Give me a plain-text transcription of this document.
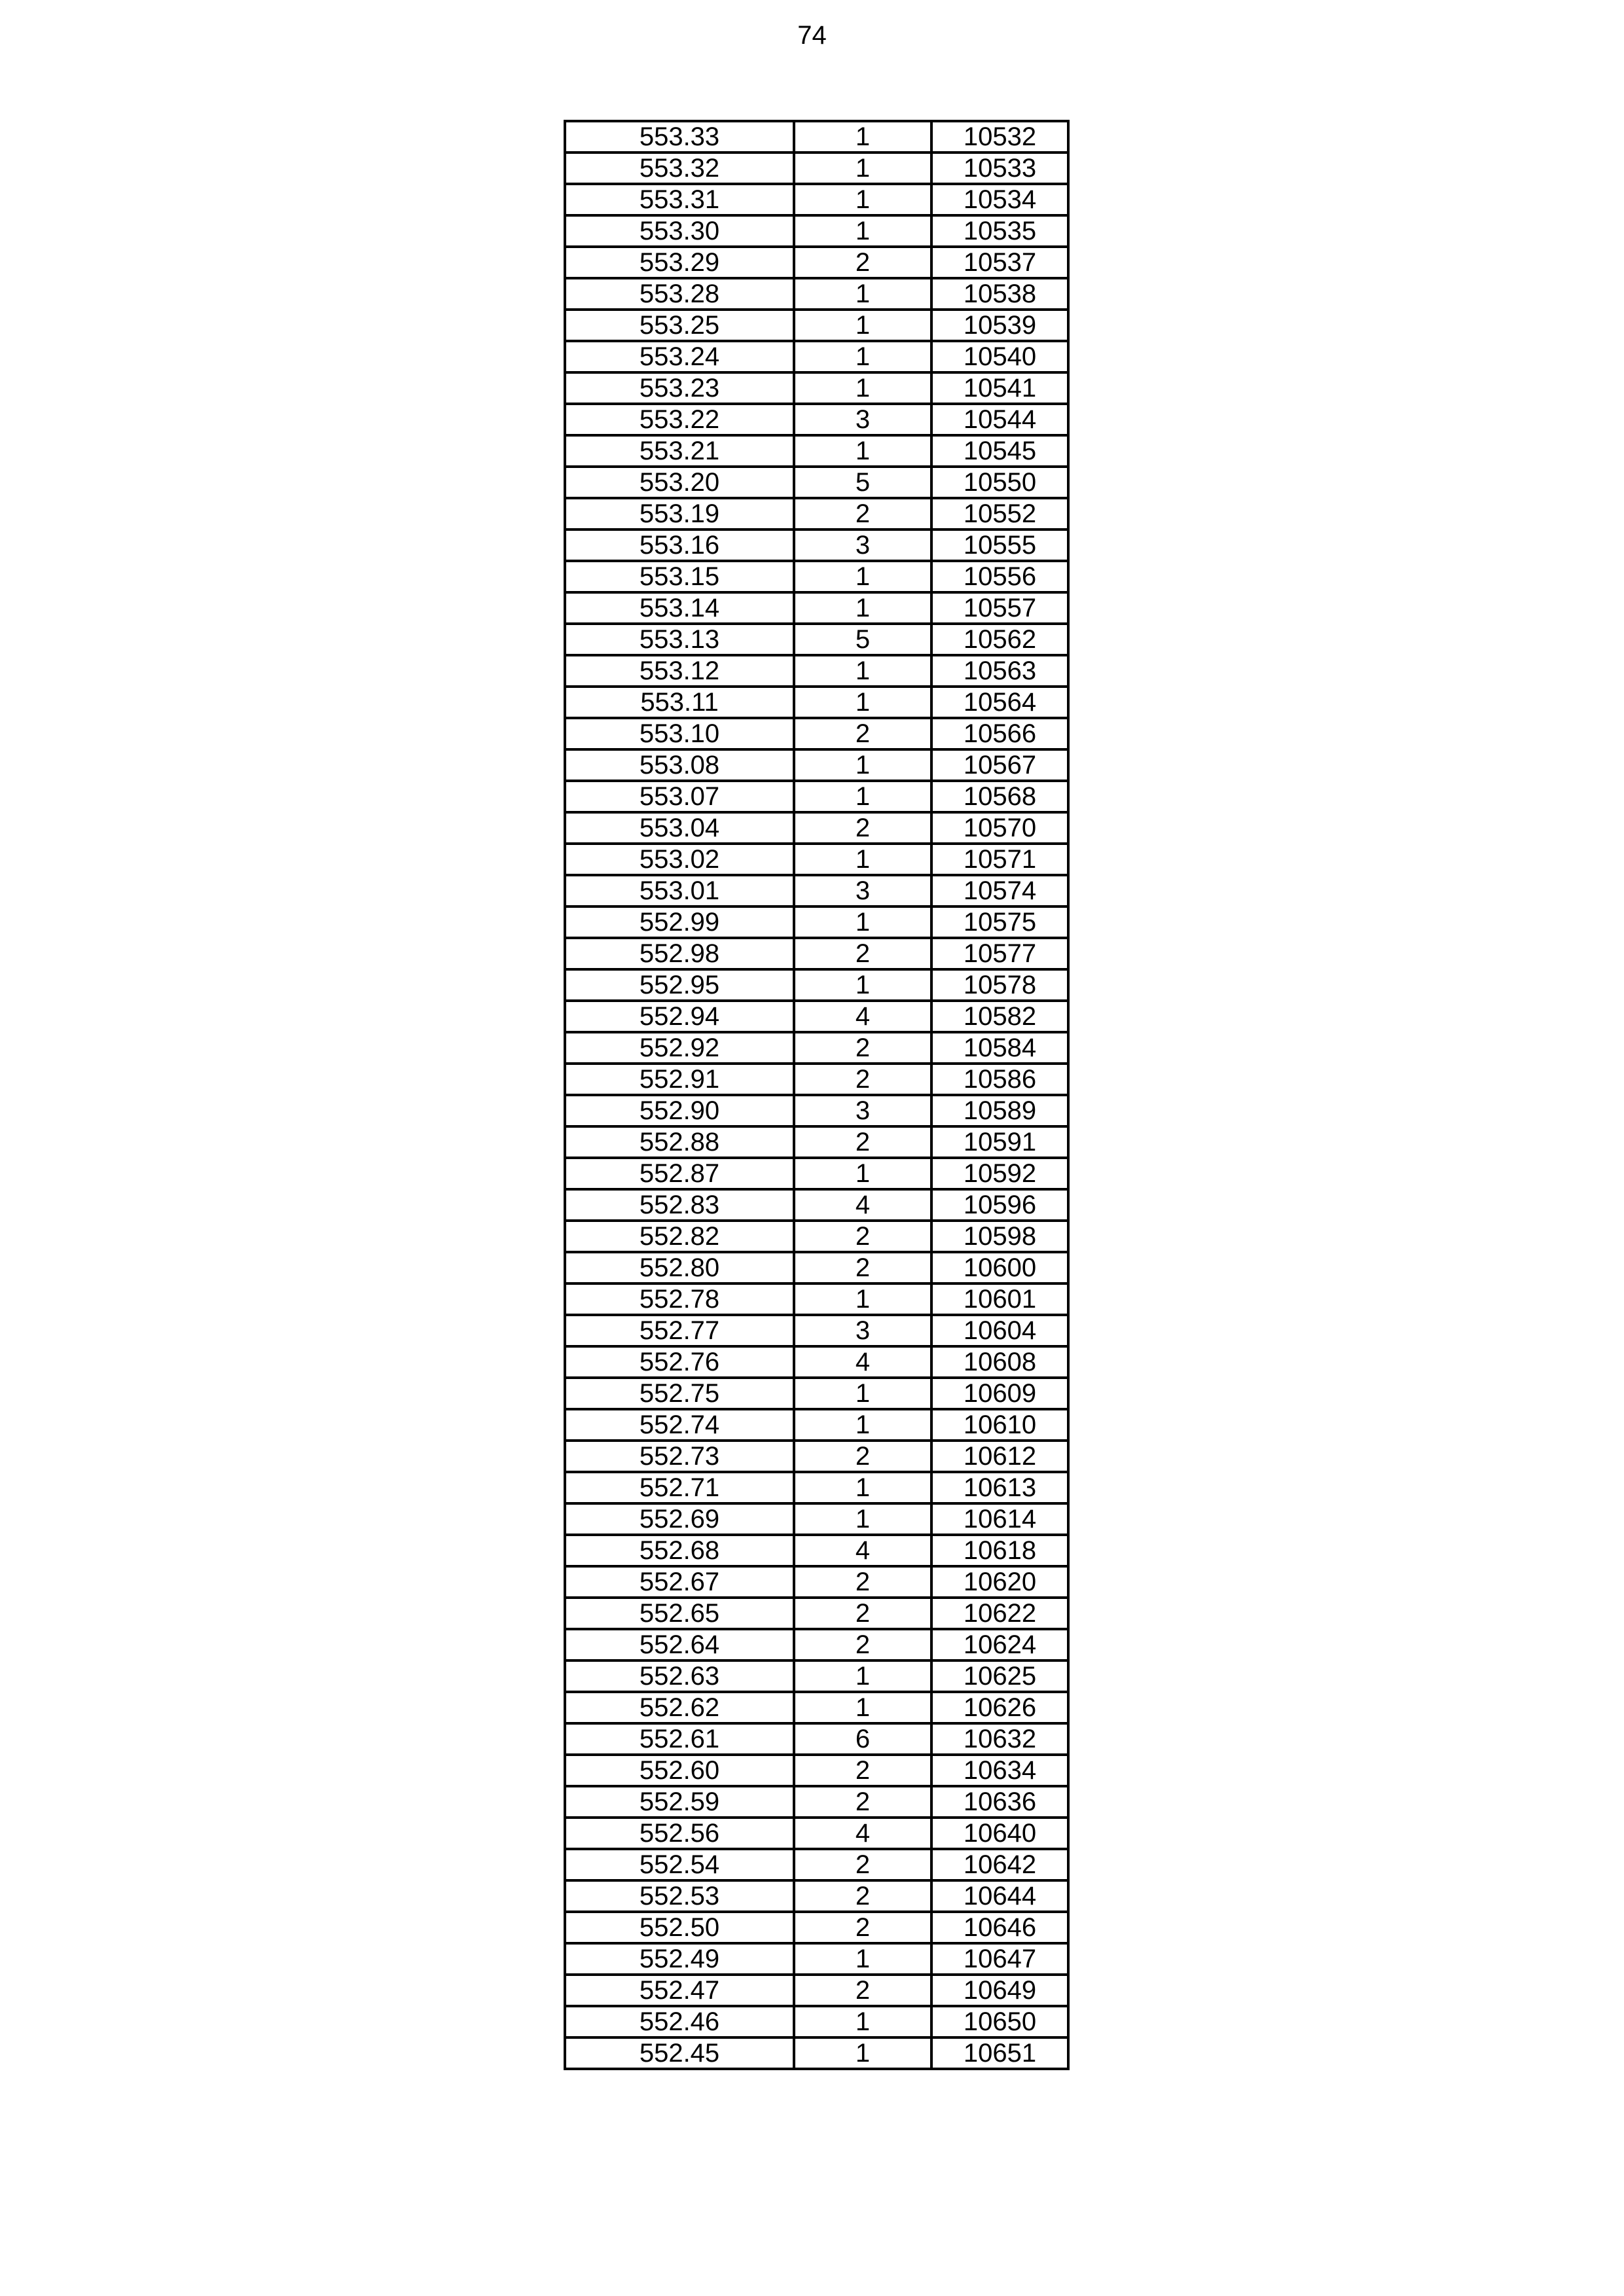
74
553.33	1	10532
553.32	1	10533
553.31	1	10534
553.30	1	10535
553.29	2	10537
553.28	1	10538
553.25	1	10539
553.24	1	10540
553.23	1	10541
553.22	3	10544
553.21	1	10545
553.20	5	10550
553.19	2	10552
553.16	3	10555
553.15	1	10556
553.14	1	10557
553.13	5	10562
553.12	1	10563
553.11	1	10564
553.10	2	10566
553.08	1	10567
553.07	1	10568
553.04	2	10570
553.02	1	10571
553.01	3	10574
552.99	1	10575
552.98	2	10577
552.95	1	10578
552.94	4	10582
552.92	2	10584
552.91	2	10586
552.90	3	10589
552.88	2	10591
552.87	1	10592
552.83	4	10596
552.82	2	10598
552.80	2	10600
552.78	1	10601
552.77	3	10604
552.76	4	10608
552.75	1	10609
552.74	1	10610
552.73	2	10612
552.71	1	10613
552.69	1	10614
552.68	4	10618
552.67	2	10620
552.65	2	10622
552.64	2	10624
552.63	1	10625
552.62	1	10626
552.61	6	10632
552.60	2	10634
552.59	2	10636
552.56	4	10640
552.54	2	10642
552.53	2	10644
552.50	2	10646
552.49	1	10647
552.47	2	10649
552.46	1	10650
552.45	1	10651
